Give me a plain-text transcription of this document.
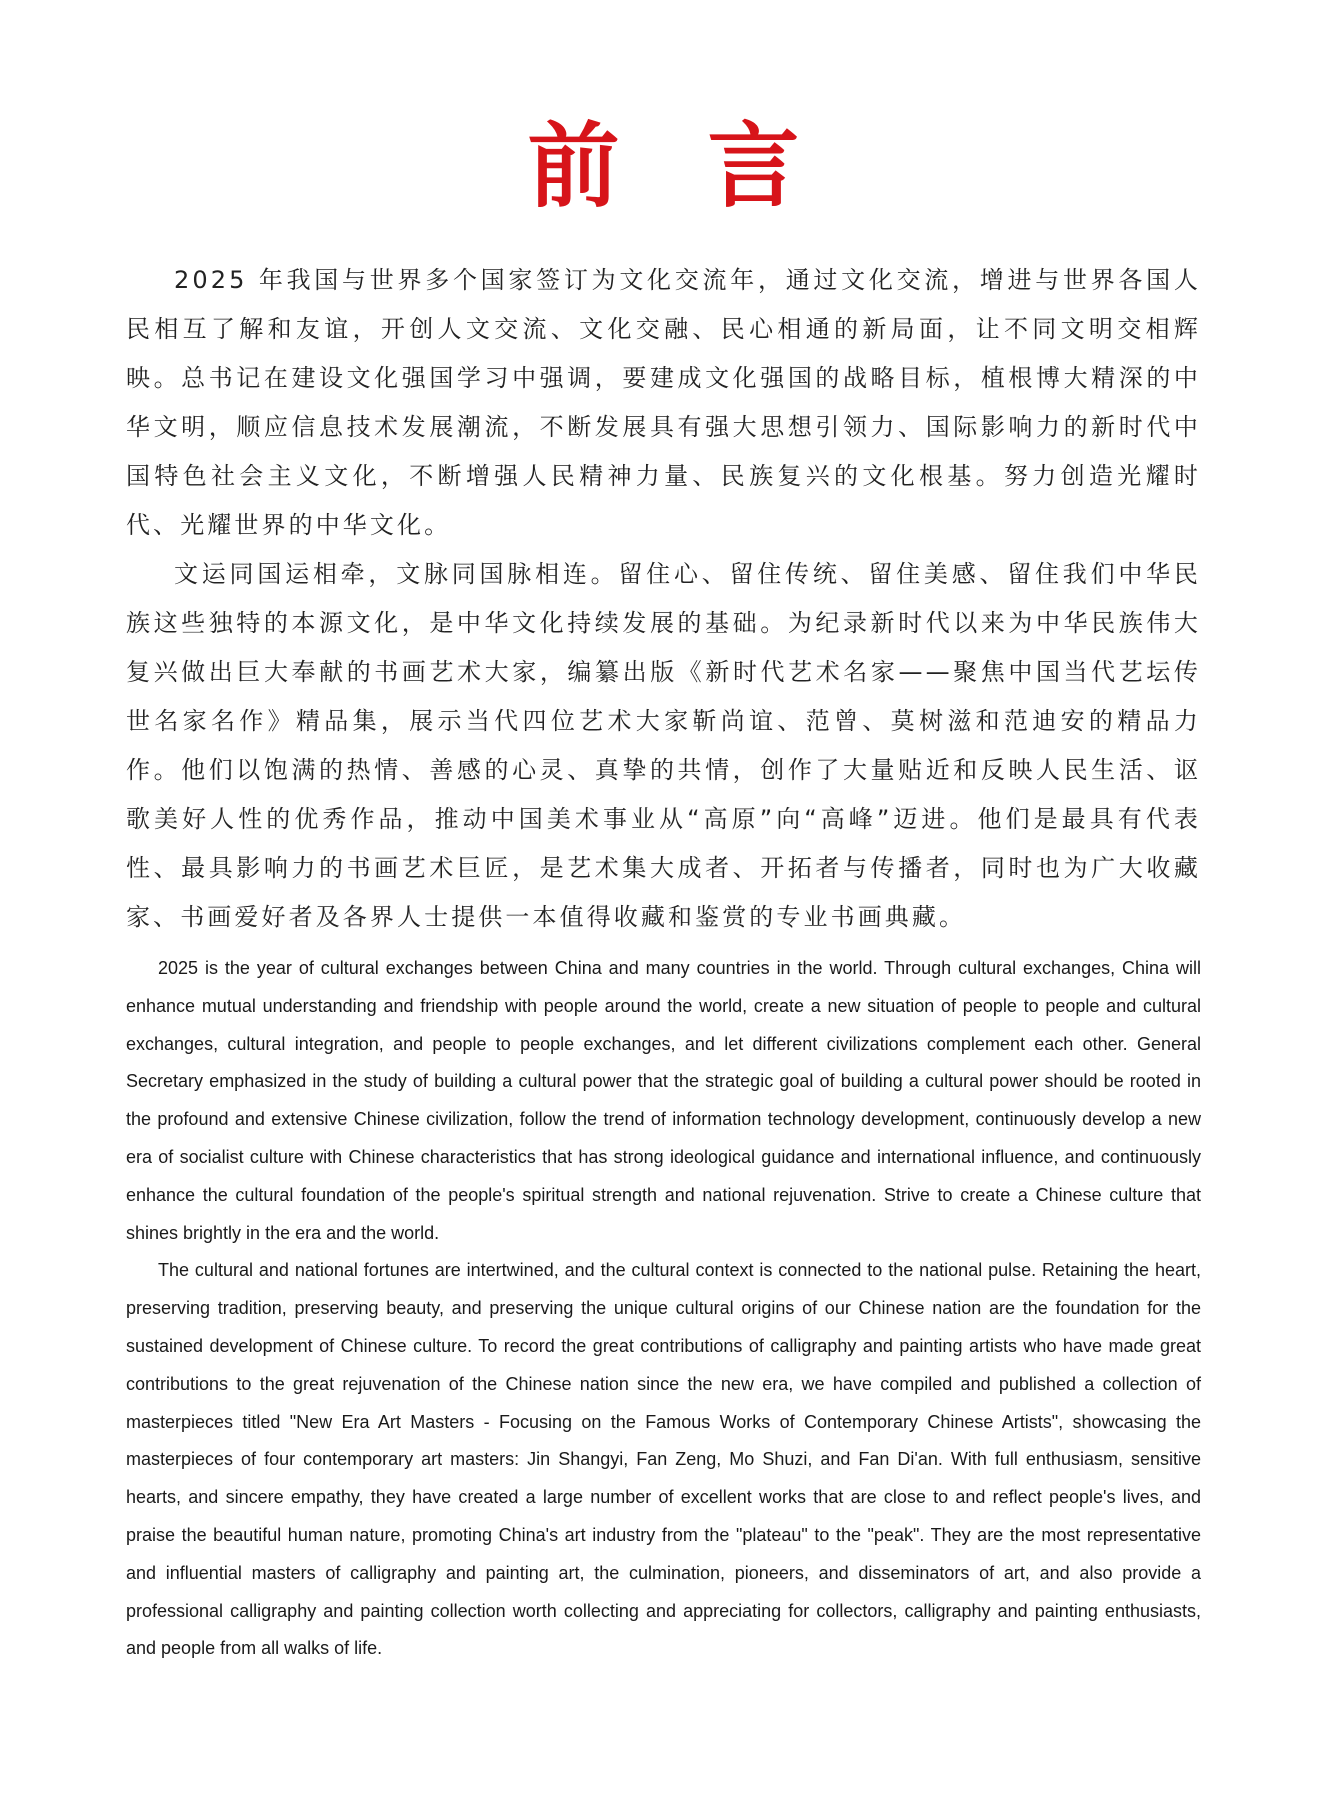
前言

2025 年我国与世界多个国家签订为文化交流年，通过文化交流，增进与世界各国人民相互了解和友谊，开创人文交流、文化交融、民心相通的新局面，让不同文明交相辉映。总书记在建设文化强国学习中强调，要建成文化强国的战略目标，植根博大精深的中华文明，顺应信息技术发展潮流，不断发展具有强大思想引领力、国际影响力的新时代中国特色社会主义文化，不断增强人民精神力量、民族复兴的文化根基。努力创造光耀时代、光耀世界的中华文化。

文运同国运相牵，文脉同国脉相连。留住心、留住传统、留住美感、留住我们中华民族这些独特的本源文化，是中华文化持续发展的基础。为纪录新时代以来为中华民族伟大复兴做出巨大奉献的书画艺术大家，编纂出版《新时代艺术名家——聚焦中国当代艺坛传世名家名作》精品集，展示当代四位艺术大家靳尚谊、范曾、莫树滋和范迪安的精品力作。他们以饱满的热情、善感的心灵、真挚的共情，创作了大量贴近和反映人民生活、讴歌美好人性的优秀作品，推动中国美术事业从“高原”向“高峰”迈进。他们是最具有代表性、最具影响力的书画艺术巨匠，是艺术集大成者、开拓者与传播者，同时也为广大收藏家、书画爱好者及各界人士提供一本值得收藏和鉴赏的专业书画典藏。

2025 is the year of cultural exchanges between China and many countries in the world. Through cultural exchanges, China will enhance mutual understanding and friendship with people around the world, create a new situation of people to people and cultural exchanges, cultural integration, and people to people exchanges, and let different civilizations complement each other. General Secretary emphasized in the study of building a cultural power that the strategic goal of building a cultural power should be rooted in the profound and extensive Chinese civilization, follow the trend of information technology development, continuously develop a new era of socialist culture with Chinese characteristics that has strong ideological guidance and international influence, and continuously enhance the cultural foundation of the people's spiritual strength and national rejuvenation. Strive to create a Chinese culture that shines brightly in the era and the world.

The cultural and national fortunes are intertwined, and the cultural context is connected to the national pulse. Retaining the heart, preserving tradition, preserving beauty, and preserving the unique cultural origins of our Chinese nation are the foundation for the sustained development of Chinese culture. To record the great contributions of calligraphy and painting artists who have made great contributions to the great rejuvenation of the Chinese nation since the new era, we have compiled and published a collection of masterpieces titled "New Era Art Masters - Focusing on the Famous Works of Contemporary Chinese Artists", showcasing the masterpieces of four contemporary art masters: Jin Shangyi, Fan Zeng, Mo Shuzi, and Fan Di'an. With full enthusiasm, sensitive hearts, and sincere empathy, they have created a large number of excellent works that are close to and reflect people's lives, and praise the beautiful human nature, promoting China's art industry from the "plateau" to the "peak". They are the most representative and influential masters of calligraphy and painting art, the culmination, pioneers, and disseminators of art, and also provide a professional calligraphy and painting collection worth collecting and appreciating for collectors, calligraphy and painting enthusiasts, and people from all walks of life.
